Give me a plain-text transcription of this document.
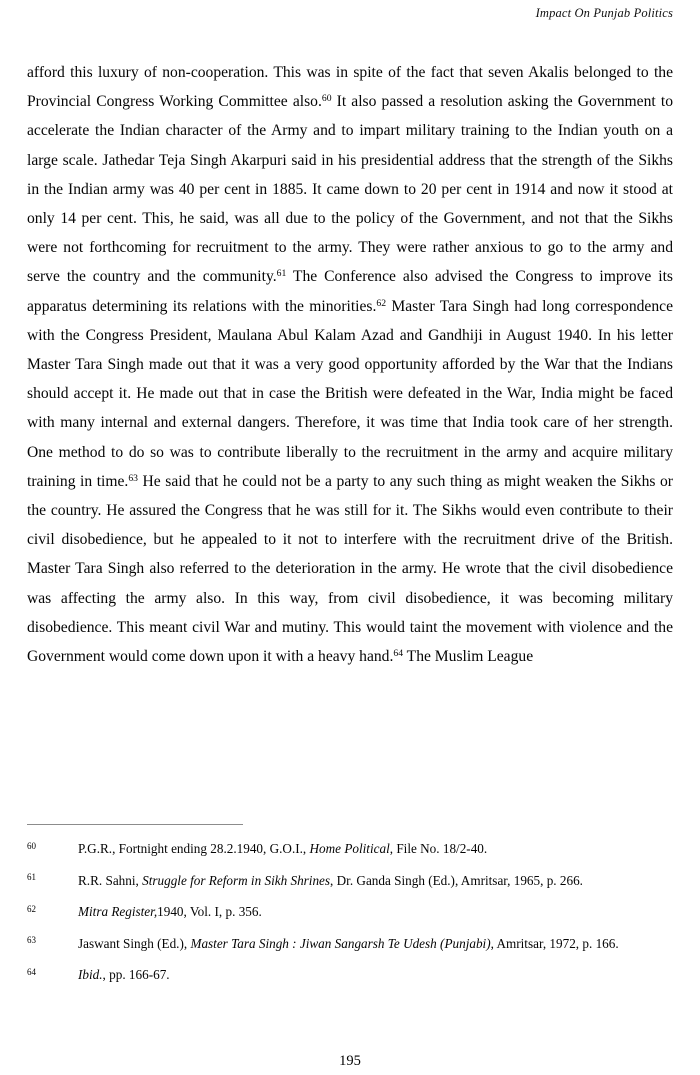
Impact On Punjab Politics

afford this luxury of non-cooperation. This was in spite of the fact that seven Akalis belonged to the Provincial Congress Working Committee also.$^{60}$ It also passed a resolution asking the Government to accelerate the Indian character of the Army and to impart military training to the Indian youth on a large scale. Jathedar Teja Singh Akarpuri said in his presidential address that the strength of the Sikhs in the Indian army was 40 per cent in 1885. It came down to 20 per cent in 1914 and now it stood at only 14 per cent. This, he said, was all due to the policy of the Government, and not that the Sikhs were not forthcoming for recruitment to the army. They were rather anxious to go to the army and serve the country and the community.$^{61}$ The Conference also advised the Congress to improve its apparatus determining its relations with the minorities.$^{62}$ Master Tara Singh had long correspondence with the Congress President, Maulana Abul Kalam Azad and Gandhiji in August 1940. In his letter Master Tara Singh made out that it was a very good opportunity afforded by the War that the Indians should accept it. He made out that in case the British were defeated in the War, India might be faced with many internal and external dangers. Therefore, it was time that India took care of her strength. One method to do so was to contribute liberally to the recruitment in the army and acquire military training in time.$^{63}$ He said that he could not be a party to any such thing as might weaken the Sikhs or the country. He assured the Congress that he was still for it. The Sikhs would even contribute to their civil disobedience, but he appealed to it not to interfere with the recruitment drive of the British. Master Tara Singh also referred to the deterioration in the army. He wrote that the civil disobedience was affecting the army also. In this way, from civil disobedience, it was becoming military disobedience. This meant civil War and mutiny. This would taint the movement with violence and the Government would come down upon it with a heavy hand.$^{64}$ The Muslim League

60	P.G.R., Fortnight ending 28.2.1940, G.O.I., Home Political, File No. 18/2-40.
61	R.R. Sahni, Struggle for Reform in Sikh Shrines, Dr. Ganda Singh (Ed.), Amritsar, 1965, p. 266.
62	Mitra Register,1940, Vol. I, p. 356.
63	Jaswant Singh (Ed.), Master Tara Singh : Jiwan Sangarsh Te Udesh (Punjabi), Amritsar, 1972, p. 166.
64	Ibid., pp. 166-67.
195
